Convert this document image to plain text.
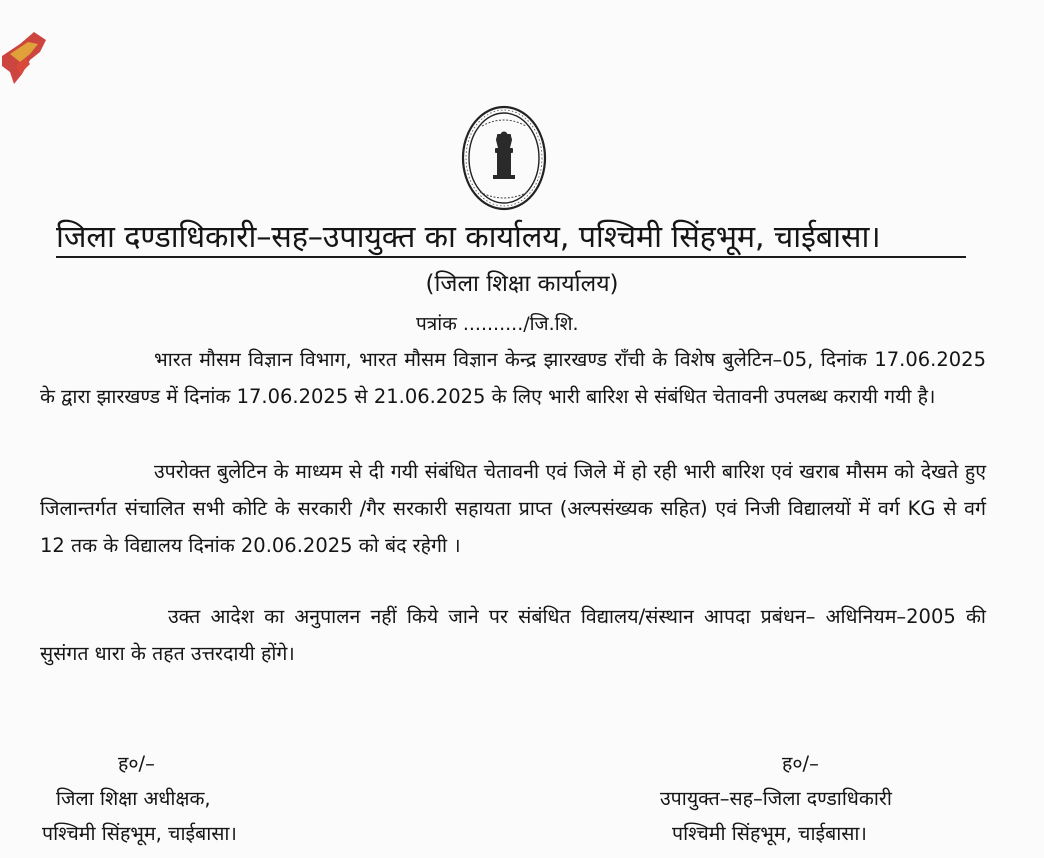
जिला दण्डाधिकारी–सह–उपायुक्त का कार्यालय, पश्चिमी सिंहभूम, चाईबासा।
(जिला शिक्षा कार्यालय)
पत्रांक ........../जि.शि.
भारत मौसम विज्ञान विभाग, भारत मौसम विज्ञान केन्द्र झारखण्ड राँची के विशेष बुलेटिन–05, दिनांक 17.06.2025 के द्वारा झारखण्ड में दिनांक 17.06.2025 से 21.06.2025 के लिए भारी बारिश से संबंधित चेतावनी उपलब्ध करायी गयी है।
उपरोक्त बुलेटिन के माध्यम से दी गयी संबंधित चेतावनी एवं जिले में हो रही भारी बारिश एवं खराब मौसम को देखते हुए जिलान्तर्गत संचालित सभी कोटि के सरकारी /गैर सरकारी सहायता प्राप्त (अल्पसंख्यक सहित) एवं निजी विद्यालयों में वर्ग KG से वर्ग 12 तक के विद्यालय दिनांक 20.06.2025 को बंद रहेगी ।
उक्त आदेश का अनुपालन नहीं किये जाने पर संबंधित विद्यालय/संस्थान आपदा प्रबंधन– अधिनियम–2005 की सुसंगत धारा के तहत उत्तरदायी होंगे।
ह०/–
जिला शिक्षा अधीक्षक,
पश्चिमी सिंहभूम, चाईबासा।
ह०/–
उपायुक्त–सह–जिला दण्डाधिकारी
पश्चिमी सिंहभूम, चाईबासा।
